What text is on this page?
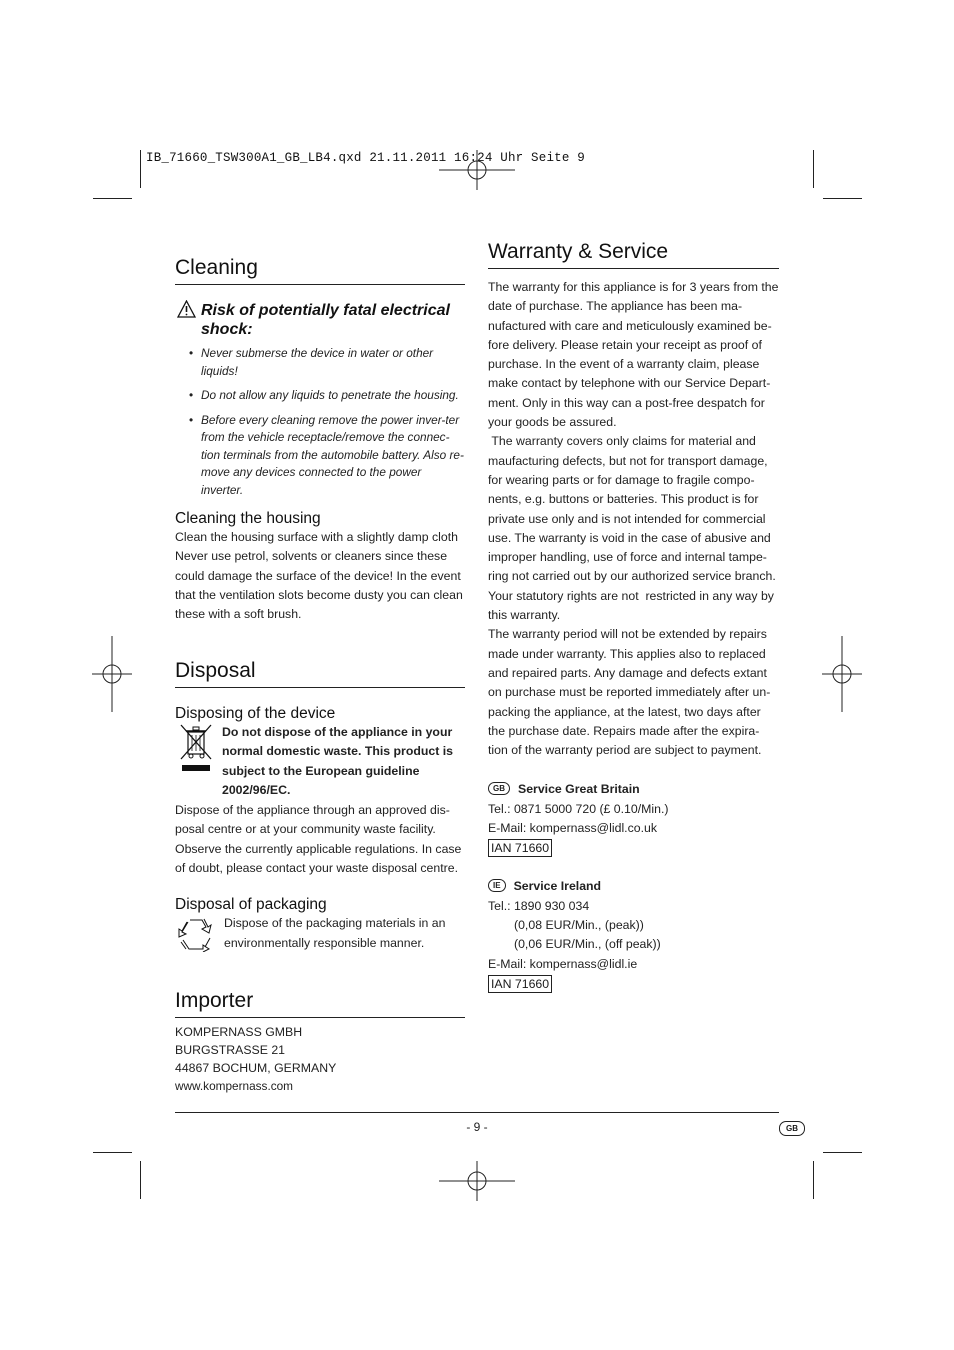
IB_71660_TSW300A1_GB_LB4.qxd 21.11.2011 16:24 Uhr Seite 9
Cleaning
Risk of potentially fatal electrical shock:
• Never submerse the device in water or other liquids!
• Do not allow any liquids to penetrate the housing.
• Before every cleaning remove the power inver-ter from the vehicle receptacle/remove the connec-tion terminals from the automobile battery. Also re-move any devices connected to the power inverter.
Cleaning the housing
Clean the housing surface with a slightly damp cloth Never use petrol, solvents or cleaners since these could damage the surface of the device! In the event that the ventilation slots become dusty you can clean these with a soft brush.
Disposal
Disposing of the device
Do not dispose of the appliance in your normal domestic waste. This product is subject to the European guideline 2002/96/EC.
Dispose of the appliance through an approved dis-posal centre or at your community waste facility. Observe the currently applicable regulations. In case of doubt, please contact your waste disposal centre.
Disposal of packaging
Dispose of the packaging materials in an environmentally responsible manner.
Importer
KOMPERNASS GMBH
BURGSTRASSE 21
44867 BOCHUM, GERMANY
www.kompernass.com
Warranty & Service
The warranty for this appliance is for 3 years from the date of purchase. The appliance has been ma-nufactured with care and meticulously examined be-fore delivery. Please retain your receipt as proof of purchase. In the event of a warranty claim, please make contact by telephone with our Service Depart-ment. Only in this way can a post-free despatch for your goods be assured.
The warranty covers only claims for material and maufacturing defects, but not for transport damage, for wearing parts or for damage to fragile compo-nents, e.g. buttons or batteries. This product is for private use only and is not intended for commercial use. The warranty is void in the case of abusive and improper handling, use of force and internal tampe-ring not carried out by our authorized service branch. Your statutory rights are not  restricted in any way by this warranty.
The warranty period will not be extended by repairs made under warranty. This applies also to replaced and repaired parts. Any damage and defects extant on purchase must be reported immediately after un-packing the appliance, at the latest, two days after the purchase date. Repairs made after the expira-tion of the warranty period are subject to payment.
GB Service Great Britain
Tel.: 0871 5000 720 (£ 0.10/Min.)
E-Mail: kompernass@lidl.co.uk
IAN 71660
IE Service Ireland
Tel.: 1890 930 034
(0,08 EUR/Min., (peak))
(0,06 EUR/Min., (off peak))
E-Mail: kompernass@lidl.ie
IAN 71660
- 9 -	GB
